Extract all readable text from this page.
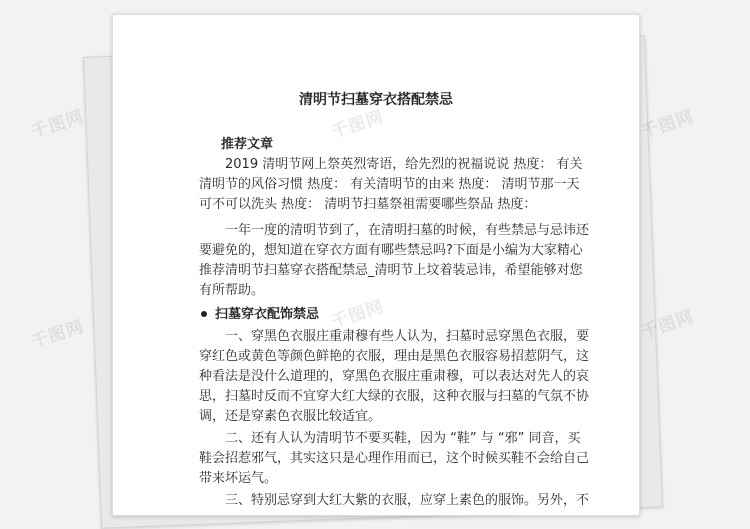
清明节扫墓穿衣搭配禁忌
推荐文章
2019 清明节网上祭英烈寄语，给先烈的祝福说说 热度： 有关清明节的风俗习惯 热度： 有关清明节的由来 热度： 清明节那一天可不可以洗头 热度： 清明节扫墓祭祖需要哪些祭品 热度：
一年一度的清明节到了，在清明扫墓的时候，有些禁忌与忌讳还要避免的，想知道在穿衣方面有哪些禁忌吗?下面是小编为大家精心推荐清明节扫墓穿衣搭配禁忌_清明节上坟着装忌讳，希望能够对您有所帮助。
扫墓穿衣配饰禁忌
一、穿黑色衣服庄重肃穆有些人认为，扫墓时忌穿黑色衣服，要穿红色或黄色等颜色鲜艳的衣服，理由是黑色衣服容易招惹阴气，这种看法是没什么道理的，穿黑色衣服庄重肃穆，可以表达对先人的哀思，扫墓时反而不宜穿大红大绿的衣服，这种衣服与扫墓的气氛不协调，还是穿素色衣服比较适宜。
二、还有人认为清明节不要买鞋，因为 “鞋” 与 “邪” 同音，买鞋会招惹邪气，其实这只是心理作用而已，这个时候买鞋不会给自己带来坏运气。
三、特别忌穿到大红大紫的衣服，应穿上素色的服饰。另外，不
千图网	千图网	千图网
千图网
千图网	千图网
